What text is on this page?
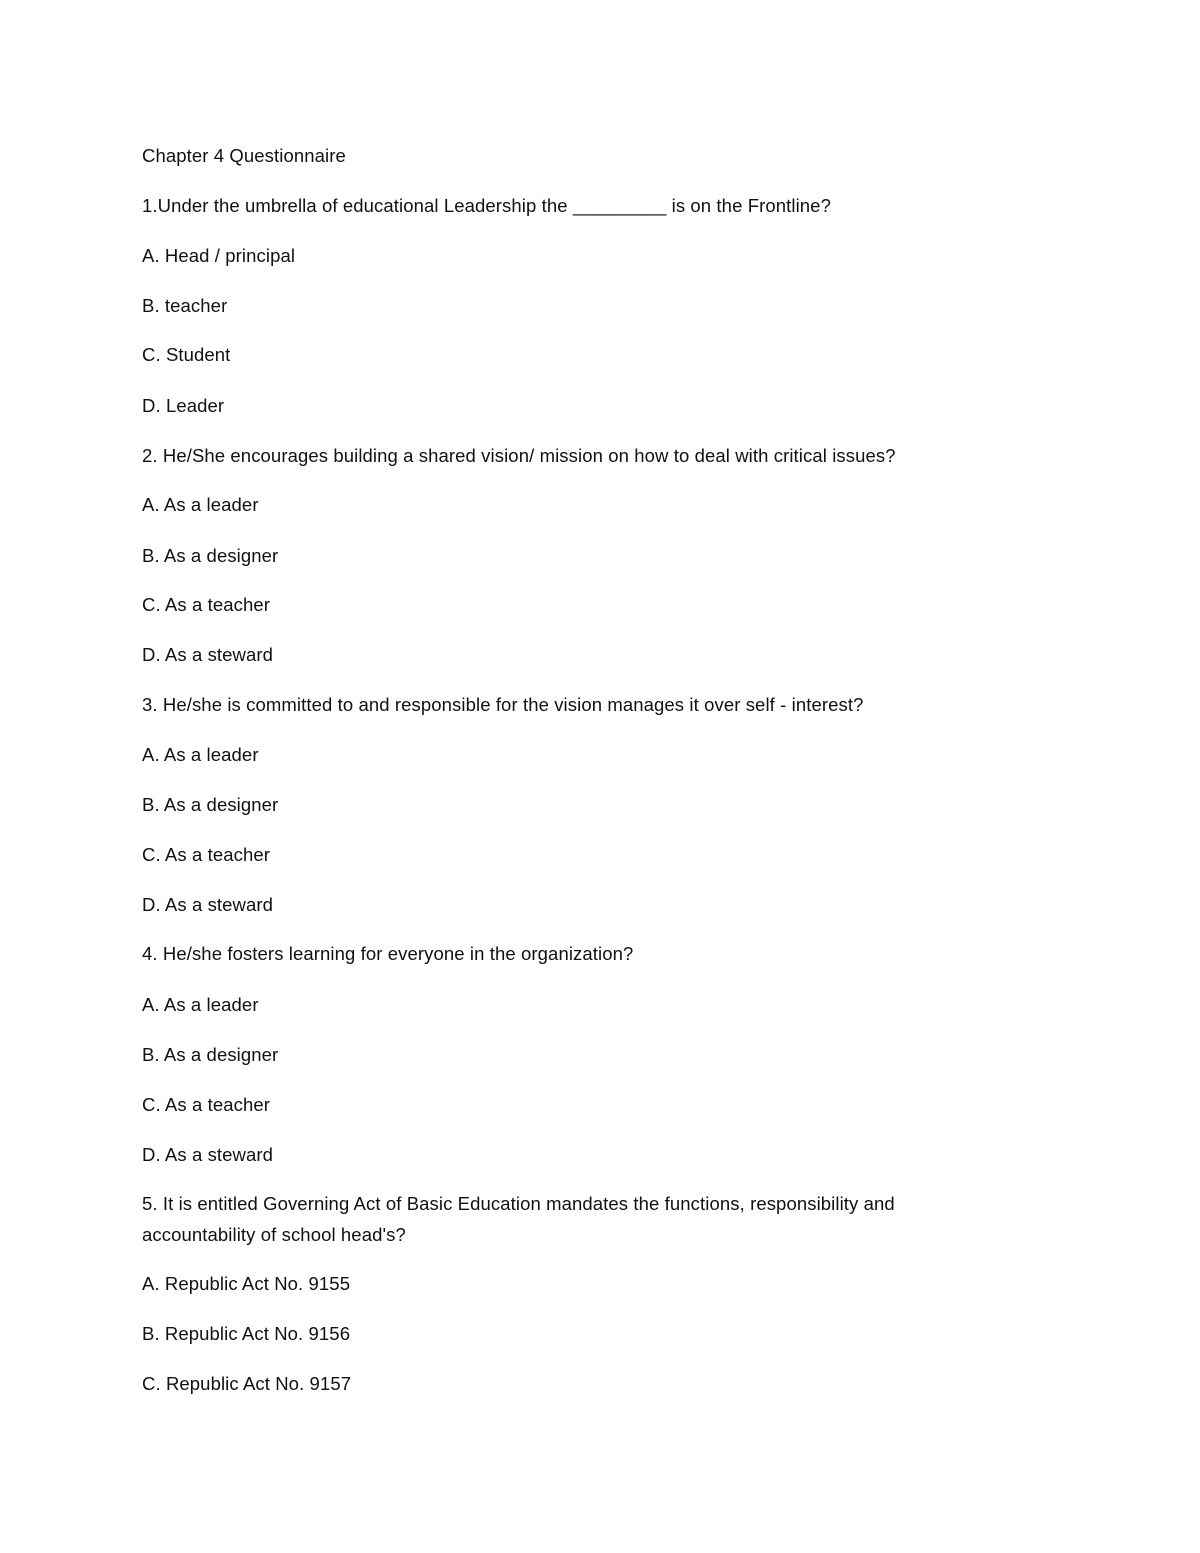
Chapter 4 Questionnaire
1.Under the umbrella of educational Leadership the _________ is on the Frontline?
A. Head / principal
B. teacher
C. Student
D. Leader
2. He/She encourages building a shared vision/ mission on how to deal with critical issues?
A. As a leader
B. As a designer
C. As a teacher
D. As a steward
3. He/she is committed to and responsible for the vision manages it over self - interest?
A. As a leader
B. As a designer
C. As a teacher
D. As a steward
4. He/she fosters learning for everyone in the organization?
A. As a leader
B. As a designer
C. As a teacher
D. As a steward
5. It is entitled Governing Act of Basic Education mandates the functions, responsibility and accountability of school head's?
A. Republic Act No. 9155
B. Republic Act No. 9156
C. Republic Act No. 9157
